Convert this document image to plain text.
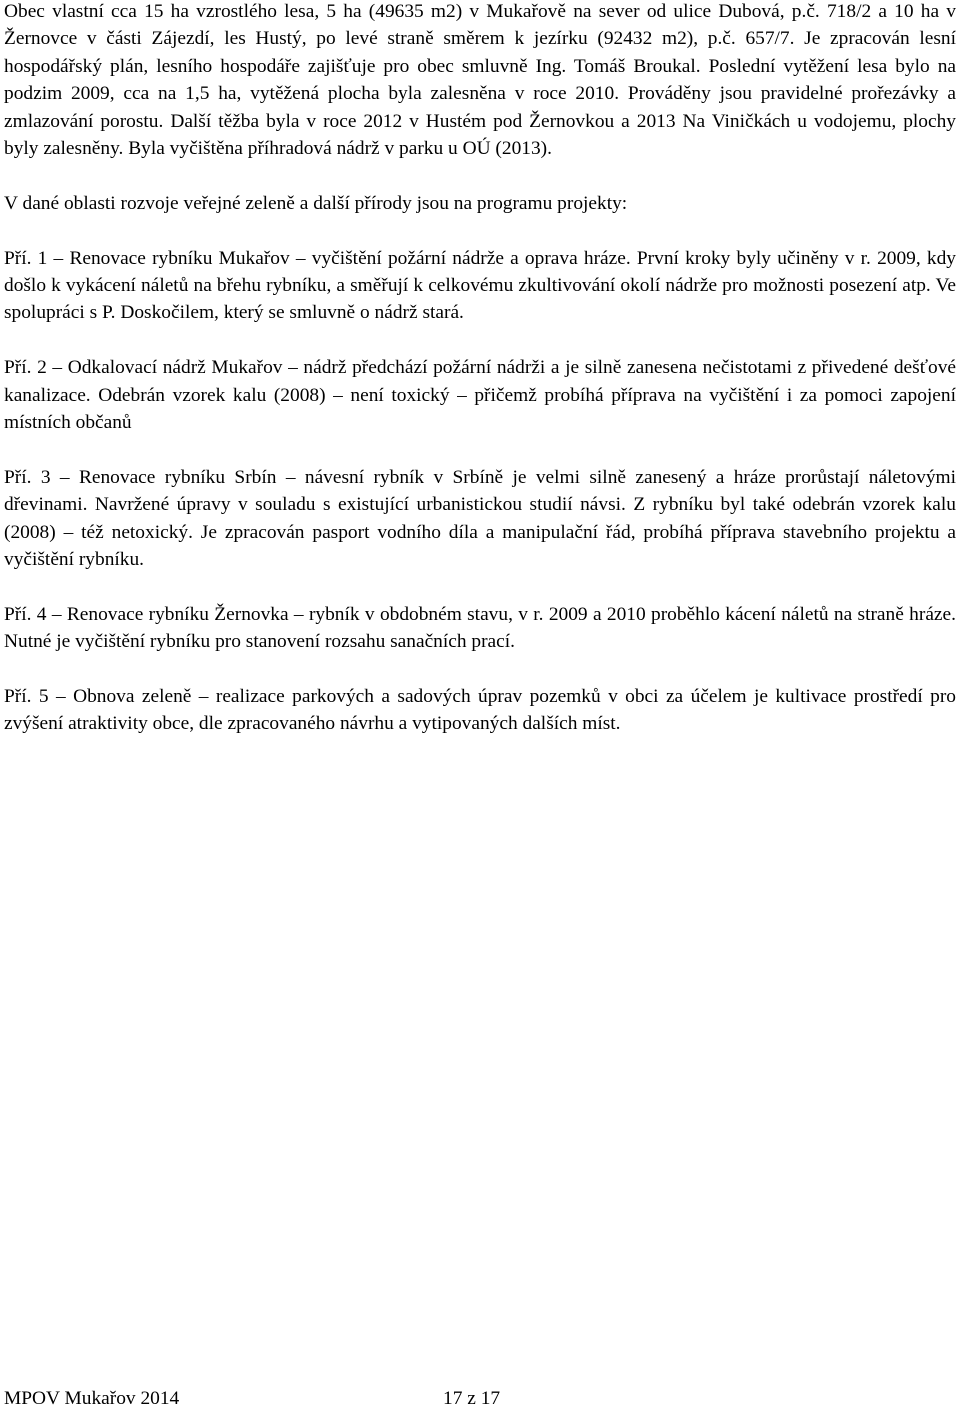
Obec vlastní cca 15 ha vzrostlého lesa, 5 ha (49635 m2) v Mukařově na sever od ulice Dubová, p.č. 718/2 a 10 ha v Žernovce v části Zájezdí, les Hustý, po levé straně směrem k jezírku (92432 m2), p.č. 657/7. Je zpracován lesní hospodářský plán, lesního hospodáře zajišťuje pro obec smluvně Ing. Tomáš Broukal. Poslední vytěžení lesa bylo na podzim 2009, cca na 1,5 ha, vytěžená plocha byla zalesněna v roce 2010. Prováděny jsou pravidelné prořezávky a zmlazování porostu. Další těžba byla v roce 2012 v Hustém pod Žernovkou a 2013 Na Viničkách u vodojemu, plochy byly zalesněny. Byla vyčištěna příhradová nádrž v parku u OÚ (2013).

V dané oblasti rozvoje veřejné zeleně a další přírody jsou na programu projekty:

Pří. 1 – Renovace rybníku Mukařov – vyčištění požární nádrže a oprava hráze. První kroky byly učiněny v r. 2009, kdy došlo k vykácení náletů na břehu rybníku, a směřují k celkovému zkultivování okolí nádrže pro možnosti posezení atp. Ve spolupráci s P. Doskočilem, který se smluvně o nádrž stará.

Pří. 2 – Odkalovací nádrž Mukařov – nádrž předchází požární nádrži a je silně zanesena nečistotami z přivedené dešťové kanalizace. Odebrán vzorek kalu (2008) – není toxický – přičemž probíhá příprava na vyčištění i za pomoci zapojení místních občanů

Pří. 3 – Renovace rybníku Srbín – návesní rybník v Srbíně je velmi silně zanesený a hráze prorůstají náletovými dřevinami. Navržené úpravy v souladu s existující urbanistickou studií návsi. Z rybníku byl také odebrán vzorek kalu (2008) – též netoxický. Je zpracován pasport vodního díla a manipulační řád, probíhá příprava stavebního projektu a vyčištění rybníku.

Pří. 4 – Renovace rybníku Žernovka – rybník v obdobném stavu, v r. 2009 a 2010 proběhlo kácení náletů na straně hráze. Nutné je vyčištění rybníku pro stanovení rozsahu sanačních prací.

Pří. 5 – Obnova zeleně – realizace parkových a sadových úprav pozemků v obci za účelem je kultivace prostředí pro zvýšení atraktivity obce, dle zpracovaného návrhu a vytipovaných dalších míst.

MPOV Mukařov 2014	17 z 17
